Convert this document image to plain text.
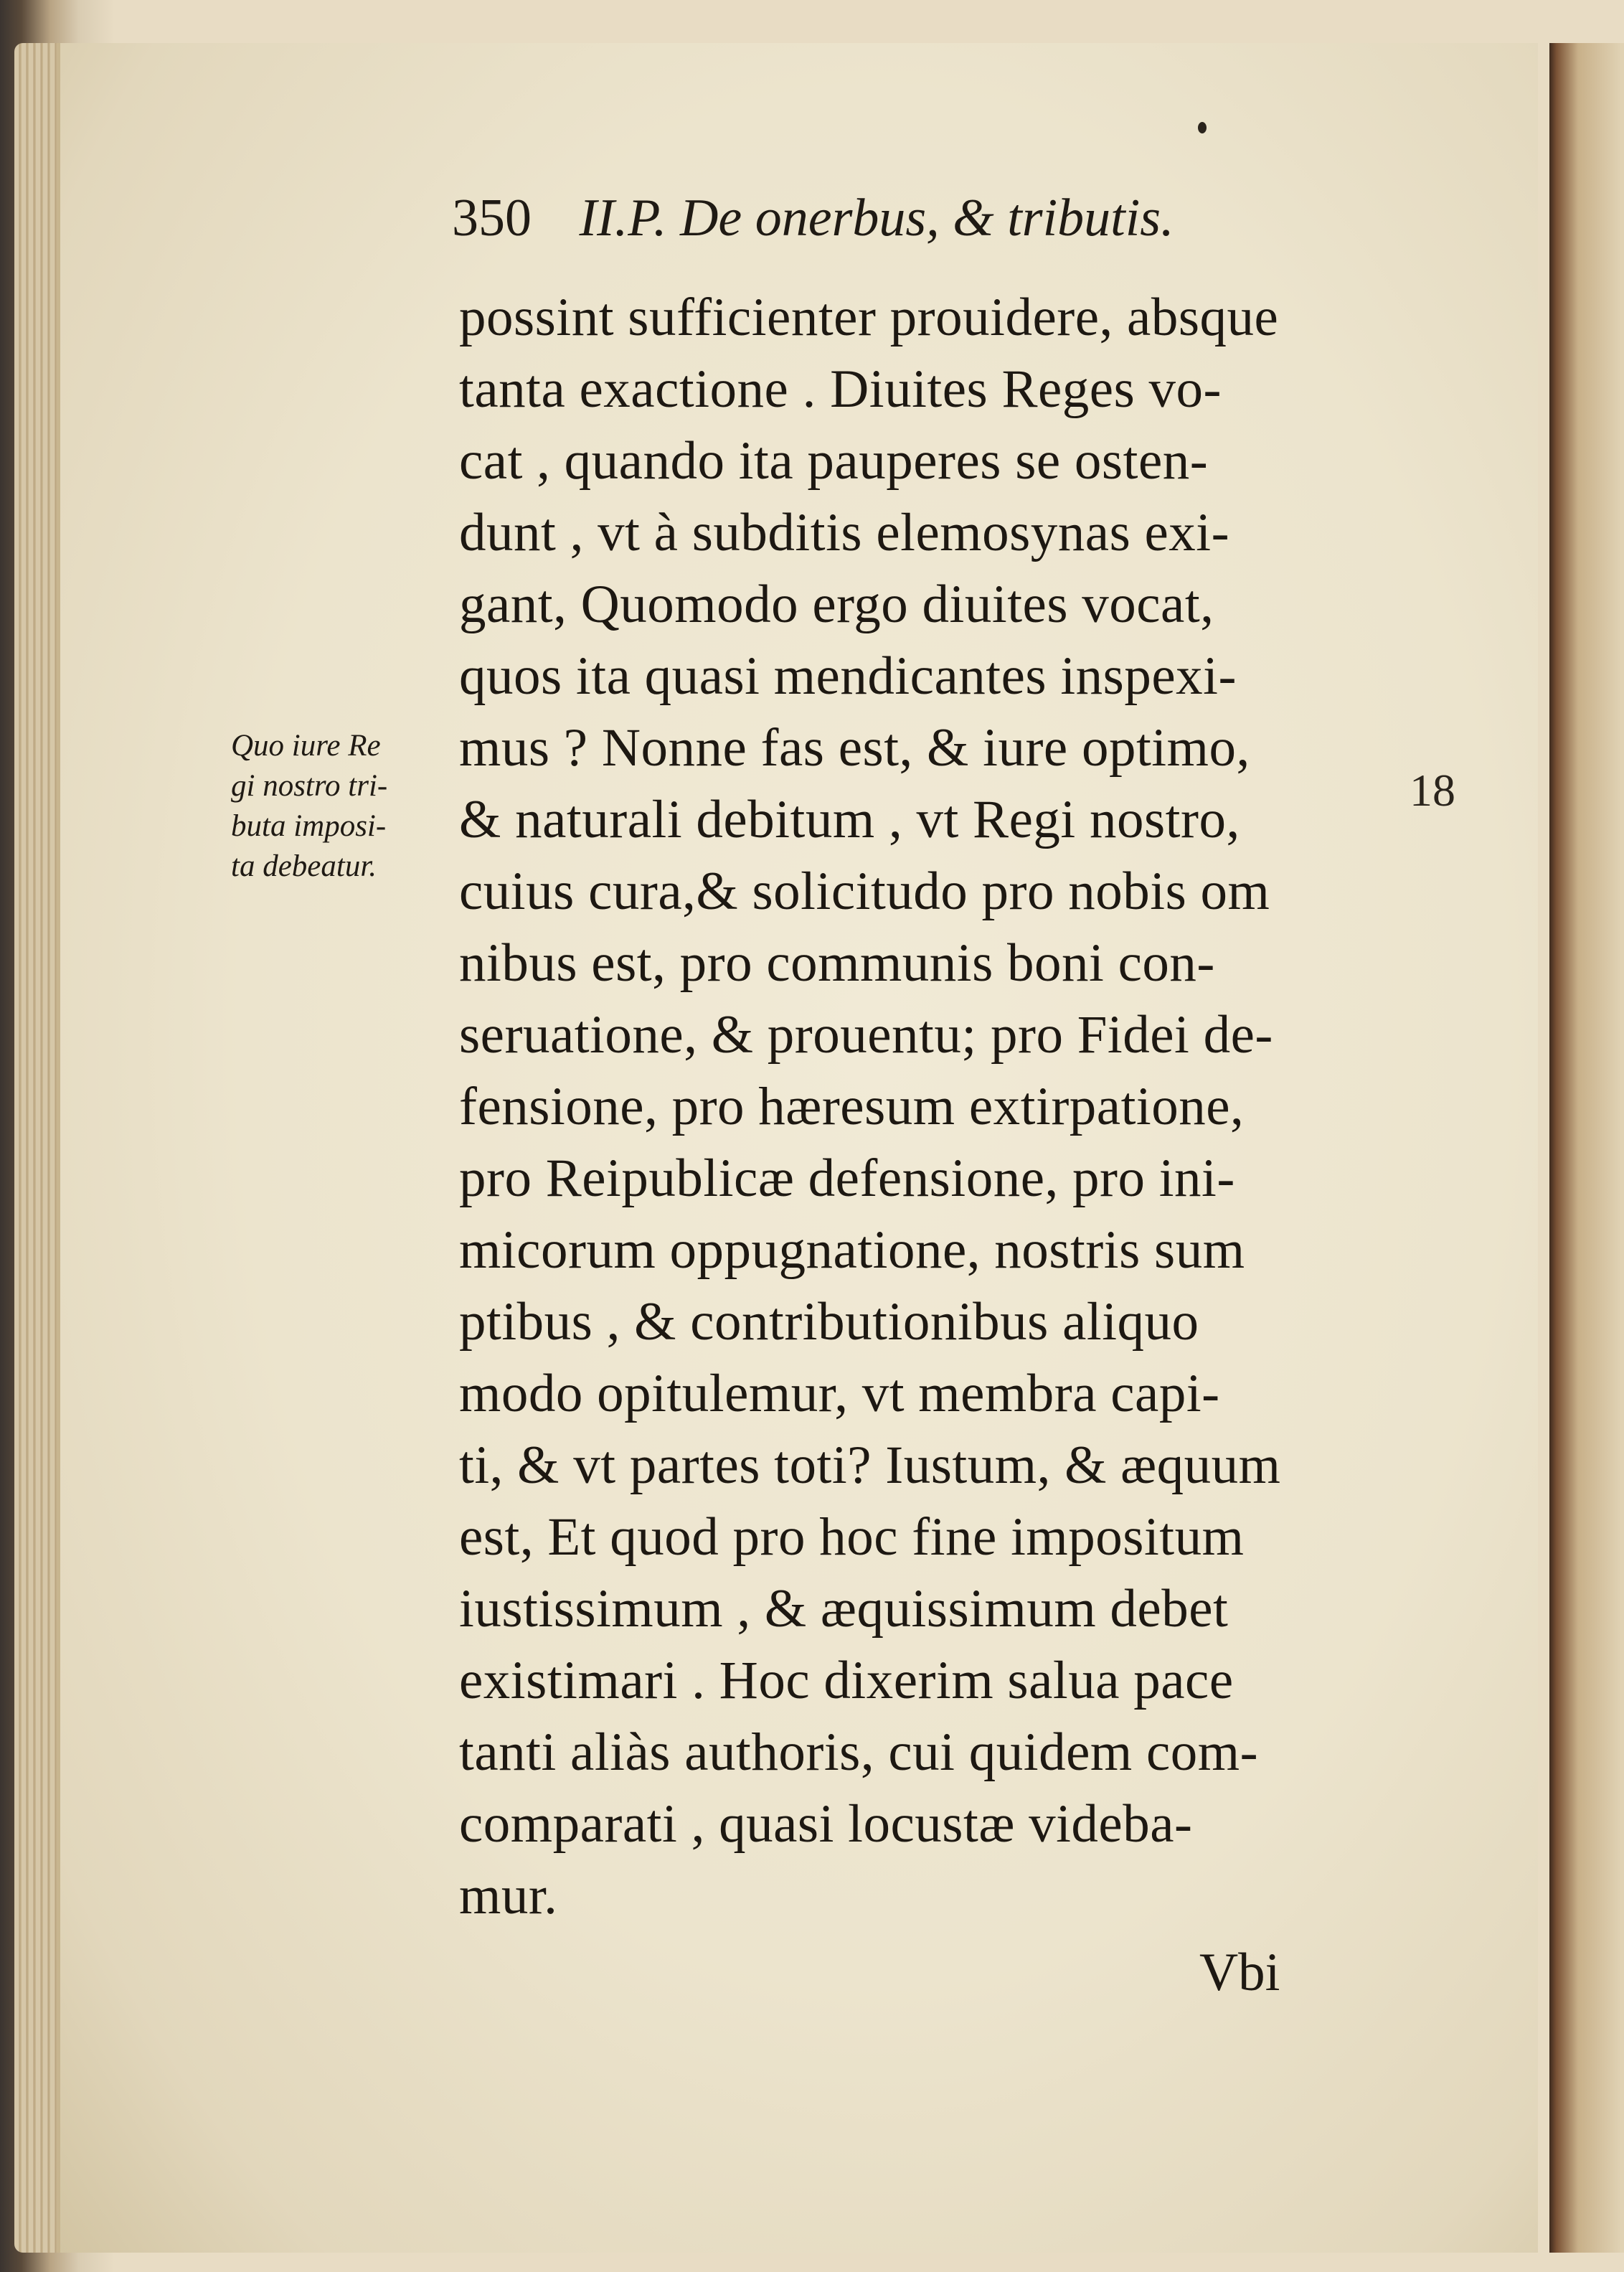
350 II.P. De onerbus, & tributis.
Quo iure Re
gi nostro tri-
buta imposi-
ta debeatur.
18
possint sufficienter prouidere, absque
tanta exactione . Diuites Reges vo-
cat , quando ita pauperes se osten-
dunt , vt à subditis elemosynas exi-
gant, Quomodo ergo diuites vocat,
quos ita quasi mendicantes inspexi-
mus ? Nonne fas est, & iure optimo,
& naturali debitum , vt Regi nostro,
cuius cura,& solicitudo pro nobis om
nibus est, pro communis boni con-
seruatione, & prouentu; pro Fidei de-
fensione, pro hæresum extirpatione,
pro Reipublicæ defensione, pro ini-
micorum oppugnatione, nostris sum
ptibus , & contributionibus aliquo
modo opitulemur, vt membra capi-
ti, & vt partes toti? Iustum, & æquum
est, Et quod pro hoc fine impositum
iustissimum , & æquissimum debet
existimari . Hoc dixerim salua pace
tanti aliàs authoris, cui quidem com-
comparati , quasi locustæ videba-
mur.
Vbi
